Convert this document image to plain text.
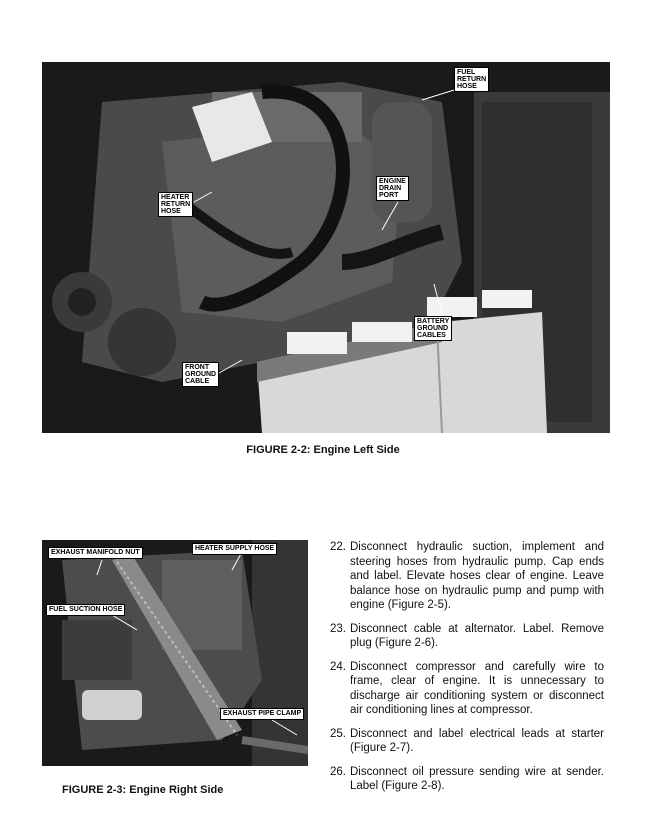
FUEL
RETURN
HOSE
ENGINE
DRAIN
PORT
HEATER
RETURN
HOSE
BATTERY
GROUND
CABLES
FRONT
GROUND
CABLE
FIGURE 2-2: Engine Left Side
EXHAUST MANIFOLD NUT
HEATER SUPPLY HOSE
FUEL SUCTION HOSE
EXHAUST PIPE CLAMP
FIGURE 2-3: Engine Right Side
22. Disconnect hydraulic suction, implement and steering hoses from hydraulic pump. Cap ends and label. Elevate hoses clear of engine. Leave balance hose on hydraulic pump and pump with engine (Figure 2-5).
23. Disconnect cable at alternator. Label. Remove plug (Figure 2-6).
24. Disconnect compressor and carefully wire to frame, clear of engine. It is unnecessary to discharge air conditioning system or disconnect air conditioning lines at compressor.
25. Disconnect and label electrical leads at starter (Figure 2-7).
26. Disconnect oil pressure sending wire at sender. Label (Figure 2-8).
